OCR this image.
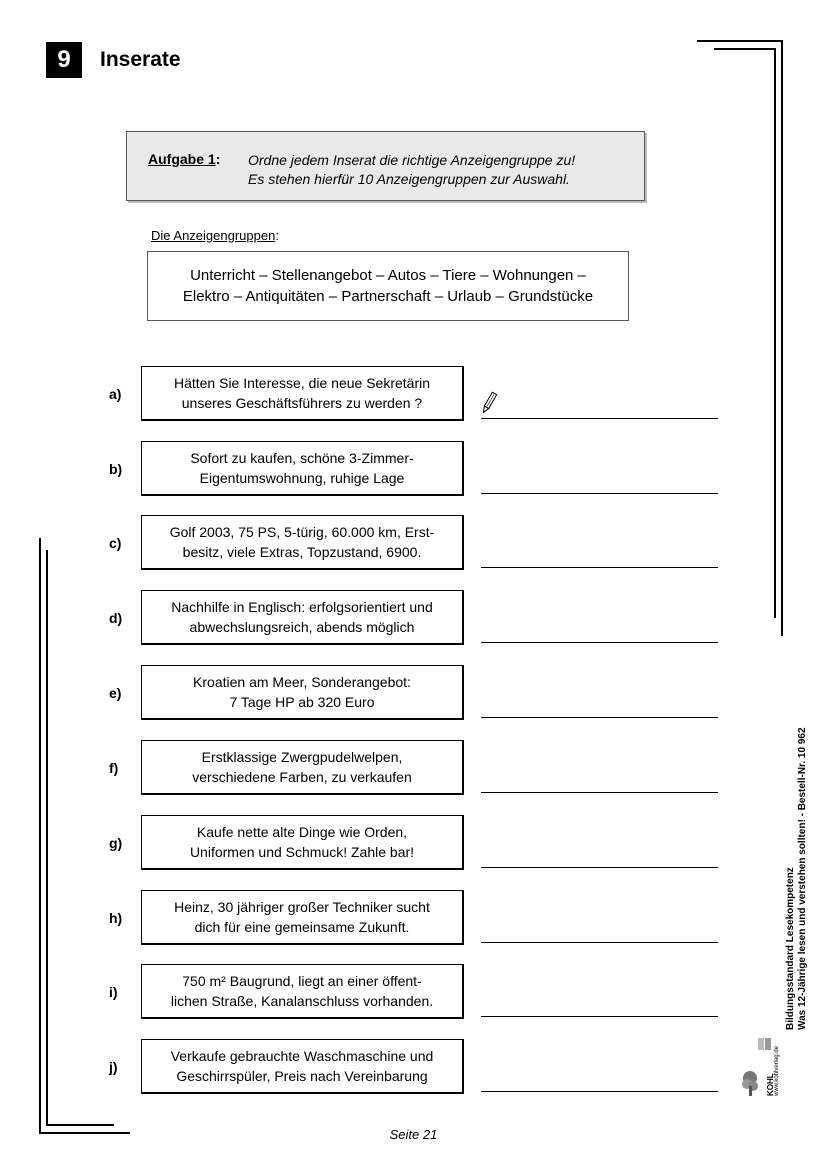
9	Inserate
Aufgabe 1: Ordne jedem Inserat die richtige Anzeigengruppe zu!
Es stehen hierfür 10 Anzeigengruppen zur Auswahl.
Die Anzeigengruppen:
Unterricht – Stellenangebot – Autos – Tiere – Wohnungen –
Elektro – Antiquitäten – Partnerschaft – Urlaub – Grundstücke
a)
Hätten Sie Interesse, die neue Sekretärin
unseres Geschäftsführers zu werden ?
b)
Sofort zu kaufen, schöne 3-Zimmer-
Eigentumswohnung, ruhige Lage
c)
Golf 2003, 75 PS, 5-türig, 60.000 km, Erst-
besitz, viele Extras, Topzustand, 6900.
d)
Nachhilfe in Englisch: erfolgsorientiert und
abwechslungsreich, abends möglich
e)
Kroatien am Meer, Sonderangebot:
7 Tage HP ab 320 Euro
f)
Erstklassige Zwergpudelwelpen,
verschiedene Farben, zu verkaufen
g)
Kaufe nette alte Dinge wie Orden,
Uniformen und Schmuck! Zahle bar!
h)
Heinz, 30 jähriger großer Techniker sucht
dich für eine gemeinsame Zukunft.
i)
750 m² Baugrund, liegt an einer öffent-
lichen Straße, Kanalanschluss vorhanden.
j)
Verkaufe gebrauchte Waschmaschine und
Geschirrspüler, Preis nach Vereinbarung
Bildungsstandard Lesekompetenz Was 12-Jährige lesen und verstehen sollten! - Bestell-Nr. 10 962
KOHL www.kohlverlag.de
Seite 21
